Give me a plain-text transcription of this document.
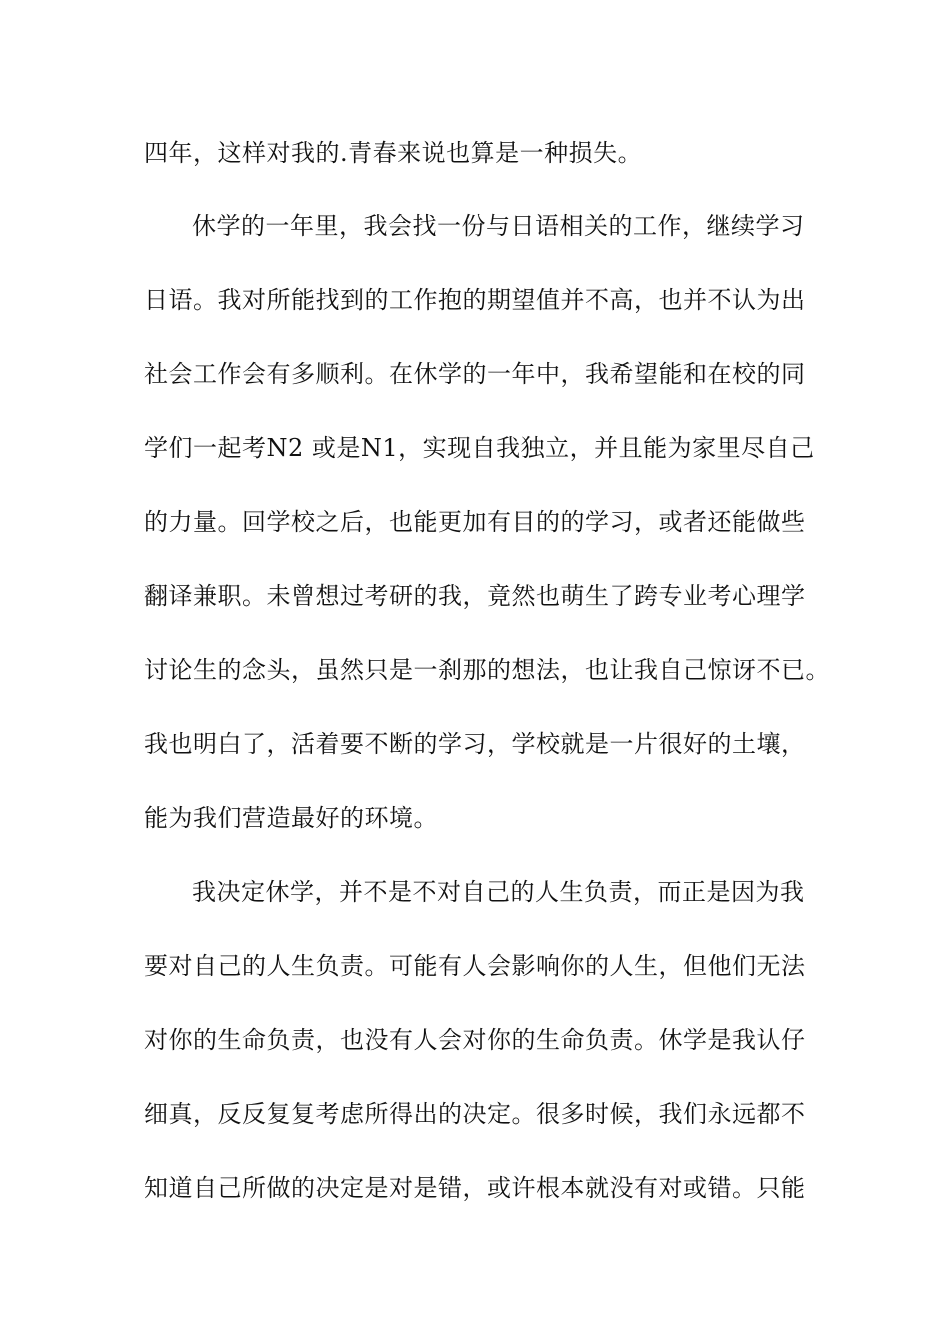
四年，这样对我的.青春来说也算是一种损失。
休学的一年里，我会找一份与日语相关的工作，继续学习
日语。我对所能找到的工作抱的期望值并不高，也并不认为出
社会工作会有多顺利。在休学的一年中，我希望能和在校的同
学们一起考N2 或是N1，实现自我独立，并且能为家里尽自己
的力量。回学校之后，也能更加有目的的学习，或者还能做些
翻译兼职。未曾想过考研的我，竟然也萌生了跨专业考心理学
讨论生的念头，虽然只是一刹那的想法，也让我自己惊讶不已。
我也明白了，活着要不断的学习，学校就是一片很好的土壤，
能为我们营造最好的环境。
我决定休学，并不是不对自己的人生负责，而正是因为我
要对自己的人生负责。可能有人会影响你的人生，但他们无法
对你的生命负责，也没有人会对你的生命负责。休学是我认仔
细真，反反复复考虑所得出的决定。很多时候，我们永远都不
知道自己所做的决定是对是错，或许根本就没有对或错。只能
